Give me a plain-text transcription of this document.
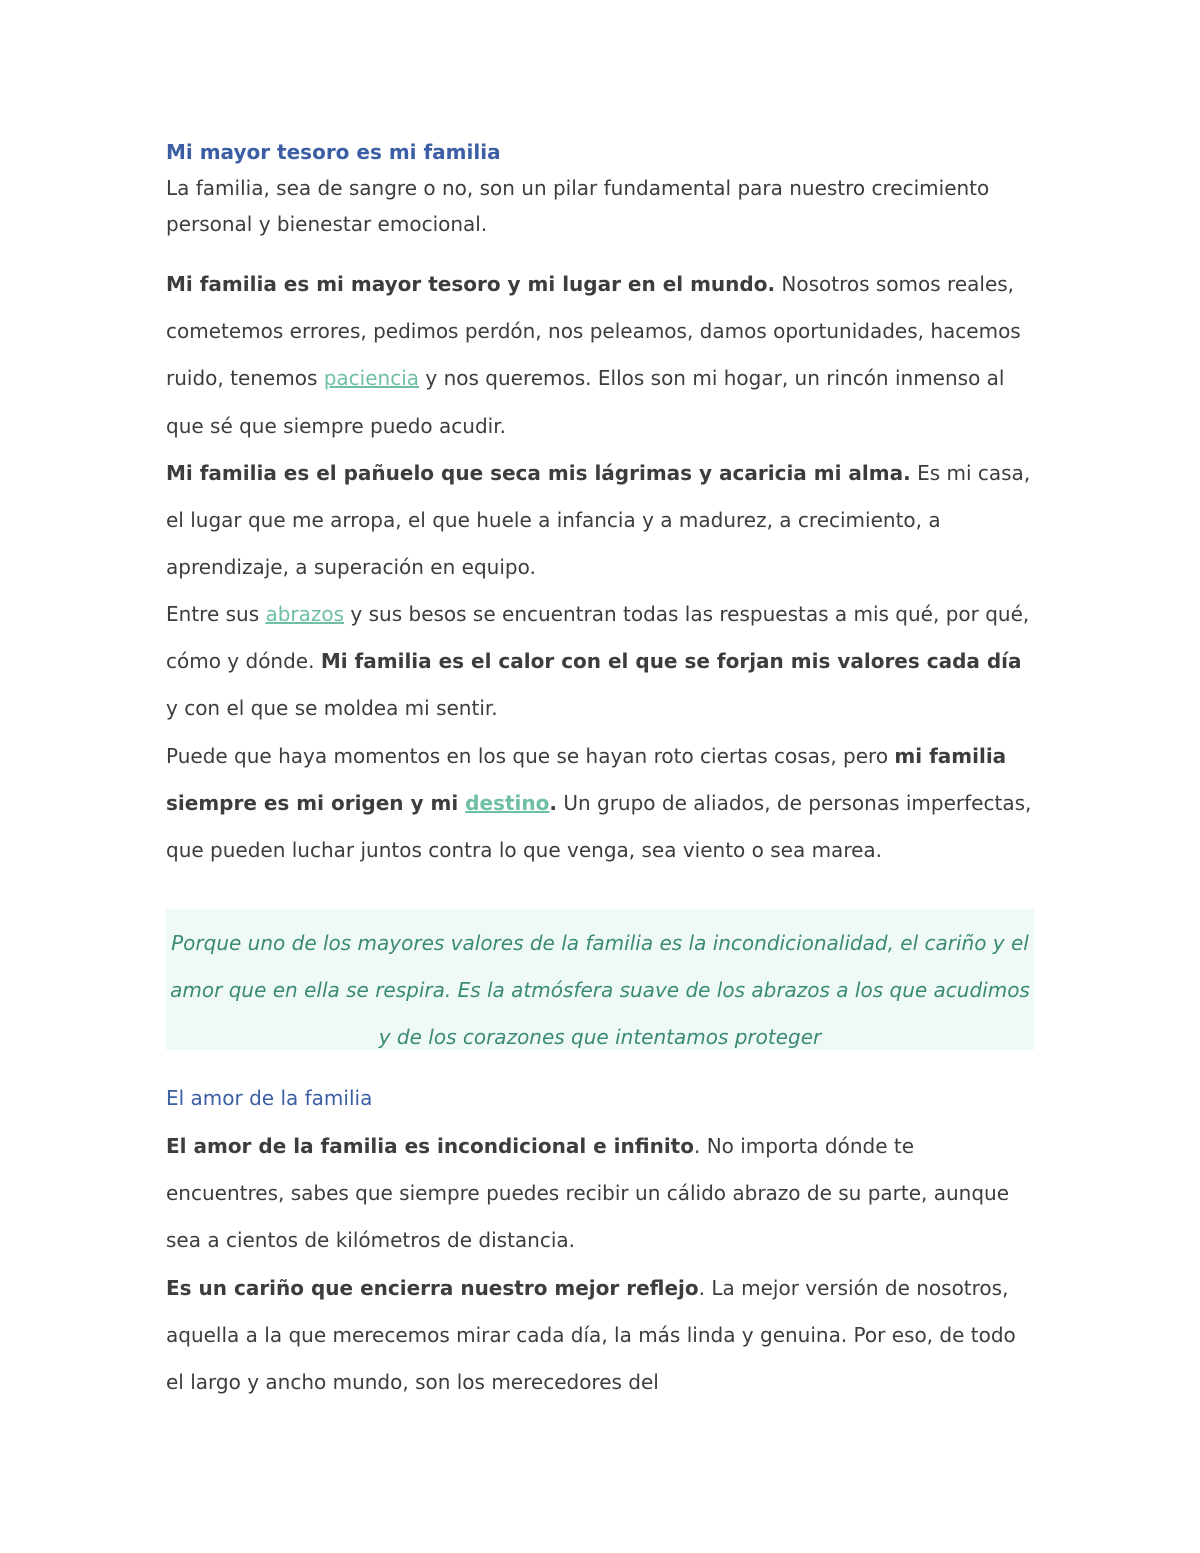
Mi mayor tesoro es mi familia

La familia, sea de sangre o no, son un pilar fundamental para nuestro crecimiento personal y bienestar emocional.

Mi familia es mi mayor tesoro y mi lugar en el mundo. Nosotros somos reales, cometemos errores, pedimos perdón, nos peleamos, damos oportunidades, hacemos ruido, tenemos paciencia y nos queremos. Ellos son mi hogar, un rincón inmenso al que sé que siempre puedo acudir.

Mi familia es el pañuelo que seca mis lágrimas y acaricia mi alma. Es mi casa, el lugar que me arropa, el que huele a infancia y a madurez, a crecimiento, a aprendizaje, a superación en equipo.

Entre sus abrazos y sus besos se encuentran todas las respuestas a mis qué, por qué, cómo y dónde. Mi familia es el calor con el que se forjan mis valores cada día y con el que se moldea mi sentir.

Puede que haya momentos en los que se hayan roto ciertas cosas, pero mi familia siempre es mi origen y mi destino. Un grupo de aliados, de personas imperfectas, que pueden luchar juntos contra lo que venga, sea viento o sea marea.

Porque uno de los mayores valores de la familia es la incondicionalidad, el cariño y el amor que en ella se respira. Es la atmósfera suave de los abrazos a los que acudimos y de los corazones que intentamos proteger

El amor de la familia

El amor de la familia es incondicional e infinito. No importa dónde te encuentres, sabes que siempre puedes recibir un cálido abrazo de su parte, aunque sea a cientos de kilómetros de distancia.

Es un cariño que encierra nuestro mejor reflejo. La mejor versión de nosotros, aquella a la que merecemos mirar cada día, la más linda y genuina. Por eso, de todo el largo y ancho mundo, son los merecedores del
